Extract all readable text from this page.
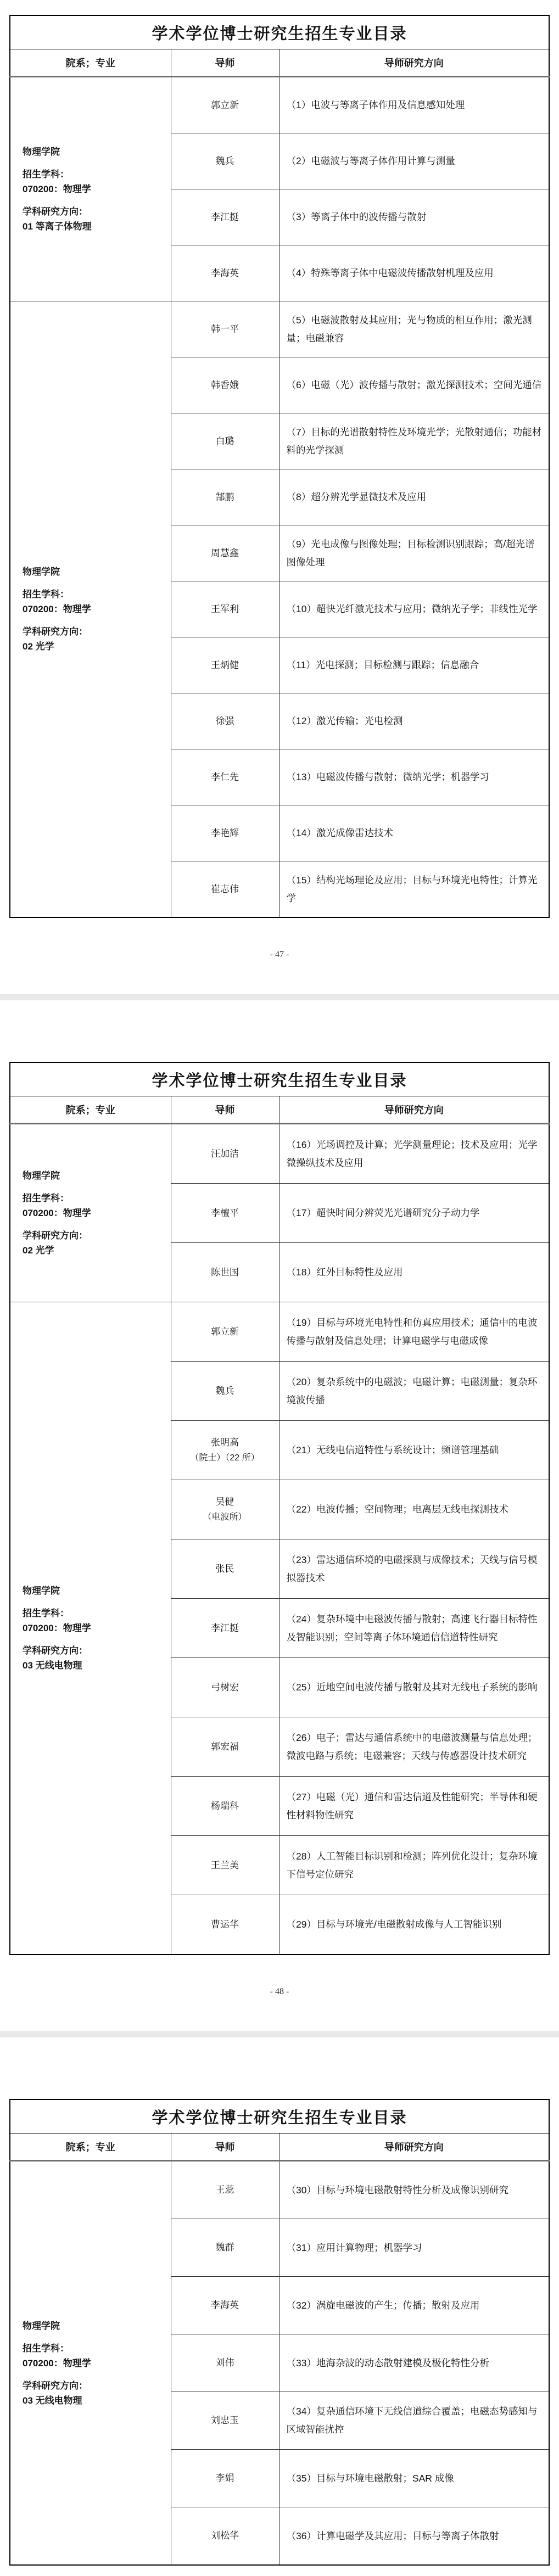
学术学位博士研究生招生专业目录		
院系；专业	导师	导师研究方向

物理学院
招生学科：
070200：物理学
学科研究方向：
01 等离子体物理	郭立新	（1）电波与等离子体作用及信息感知处理

	魏兵	（2）电磁波与等离子体作用计算与测量

	李江挺	（3）等离子体中的波传播与散射

	李海英	（4）特殊等离子体中电磁波传播散射机理及应用

物理学院
招生学科：
070200：物理学
学科研究方向：
02 光学	韩一平	（5）电磁波散射及其应用；光与物质的相互作用；激光测量；电磁兼容

	韩香娥	（6）电磁（光）波传播与散射；激光探测技术；空间光通信

	白璐	（7）目标的光谱散射特性及环境光学；光散射通信；功能材料的光学探测

	郜鹏	（8）超分辨光学显微技术及应用

	周慧鑫	（9）光电成像与图像处理；目标检测识别跟踪；高/超光谱图像处理

	王军利	（10）超快光纤激光技术与应用；微纳光子学；非线性光学

	王炳健	（11）光电探测；目标检测与跟踪；信息融合

	徐强	（12）激光传输；光电检测

	李仁先	（13）电磁波传播与散射；微纳光学；机器学习

	李艳辉	（14）激光成像雷达技术

	崔志伟	（15）结构光场理论及应用；目标与环境光电特性；计算光学
- 47 -
学术学位博士研究生招生专业目录		
院系；专业	导师	导师研究方向

物理学院
招生学科：
070200：物理学
学科研究方向：
02 光学	汪加洁	（16）光场调控及计算；光学测量理论；技术及应用；光学微操纵技术及应用

	李檀平	（17）超快时间分辨荧光光谱研究分子动力学

	陈世国	（18）红外目标特性及应用

物理学院
招生学科：
070200：物理学
学科研究方向：
03 无线电物理	郭立新	（19）目标与环境光电特性和仿真应用技术；通信中的电波传播与散射及信息处理；计算电磁学与电磁成像

	魏兵	（20）复杂系统中的电磁波；电磁计算；电磁测量；复杂环境波传播

	张明高
（院士）（22 所）	（21）无线电信道特性与系统设计；频谱管理基础

	吴健
（电波所）	（22）电波传播；空间物理；电离层无线电探测技术

	张民	（23）雷达通信环境的电磁探测与成像技术；天线与信号模拟器技术

	李江挺	（24）复杂环境中电磁波传播与散射；高速飞行器目标特性及智能识别；空间等离子体环境通信信道特性研究

	弓树宏	（25）近地空间电波传播与散射及其对无线电子系统的影响

	郭宏福	（26）电子；雷达与通信系统中的电磁波测量与信息处理；微波电路与系统；电磁兼容；天线与传感器设计技术研究

	杨瑞科	（27）电磁（光）通信和雷达信道及性能研究；半导体和硬性材料物性研究

	王兰美	（28）人工智能目标识别和检测；阵列优化设计；复杂环境下信号定位研究

	曹运华	（29）目标与环境光/电磁散射成像与人工智能识别
- 48 -
学术学位博士研究生招生专业目录		
院系；专业	导师	导师研究方向

物理学院
招生学科：
070200：物理学
学科研究方向：
03 无线电物理	王蕊	（30）目标与环境电磁散射特性分析及成像识别研究

	魏群	（31）应用计算物理；机器学习

	李海英	（32）涡旋电磁波的产生；传播；散射及应用

	刘伟	（33）地海杂波的动态散射建模及极化特性分析

	刘忠玉	（34）复杂通信环境下无线信道综合覆盖；电磁态势感知与区域智能扰控

	李娟	（35）目标与环境电磁散射；SAR 成像

	刘松华	（36）计算电磁学及其应用；目标与等离子体散射
